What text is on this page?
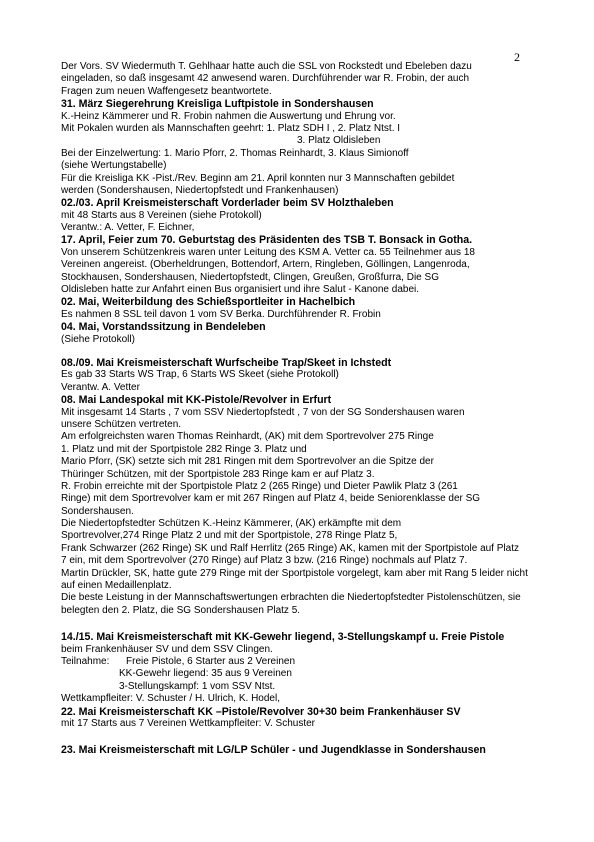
2
Der Vors. SV Wiedermuth T. Gehlhaar hatte auch die SSL von Rockstedt und Ebeleben dazu
eingeladen, so daß insgesamt 42 anwesend waren. Durchführender war R. Frobin, der auch
Fragen zum neuen Waffengesetz beantwortete.
31. März Siegerehrung Kreisliga Luftpistole in Sondershausen
K.-Heinz Kämmerer und R. Frobin nahmen die Auswertung und Ehrung vor.
Mit Pokalen wurden als Mannschaften geehrt: 1. Platz SDH I , 2. Platz Ntst. I
3. Platz Oldisleben
Bei der Einzelwertung: 1. Mario Pforr, 2. Thomas Reinhardt, 3. Klaus Simionoff
(siehe Wertungstabelle)
Für die Kreisliga KK -Pist./Rev. Beginn am 21. April konnten nur 3 Mannschaften gebildet
werden (Sondershausen, Niedertopfstedt und Frankenhausen)
02./03. April Kreismeisterschaft Vorderlader beim SV Holzthaleben
mit 48 Starts aus 8 Vereinen (siehe Protokoll)
Verantw.: A. Vetter, F. Eichner,
17. April, Feier zum 70. Geburtstag des Präsidenten des TSB T. Bonsack in Gotha.
Von unserem Schützenkreis waren unter Leitung des KSM A. Vetter ca. 55 Teilnehmer aus 18
Vereinen angereist. (Oberheldrungen, Bottendorf, Artern, Ringleben, Göllingen, Langenroda,
Stockhausen, Sondershausen, Niedertopfstedt, Clingen, Greußen, Großfurra, Die SG
Oldisleben hatte zur Anfahrt einen Bus organisiert und ihre Salut - Kanone dabei.
02. Mai, Weiterbildung des Schießsportleiter in Hachelbich
Es nahmen 8 SSL teil davon 1 vom SV Berka. Durchführender R. Frobin
04. Mai, Vorstandssitzung in Bendeleben
(Siehe Protokoll)
08./09. Mai Kreismeisterschaft Wurfscheibe Trap/Skeet in Ichstedt
Es gab 33 Starts WS Trap, 6 Starts WS Skeet (siehe Protokoll)
Verantw. A. Vetter
08. Mai Landespokal mit KK-Pistole/Revolver in Erfurt
Mit insgesamt 14 Starts , 7 vom SSV Niedertopfstedt , 7 von der SG Sondershausen waren
unsere Schützen vertreten.
Am erfolgreichsten waren Thomas Reinhardt, (AK) mit dem Sportrevolver 275 Ringe
1. Platz und mit der Sportpistole 282 Ringe 3. Platz und
Mario Pforr, (SK) setzte sich mit 281 Ringen mit dem Sportrevolver an die Spitze der
Thüringer Schützen, mit der Sportpistole 283 Ringe kam er auf Platz 3.
R. Frobin erreichte mit der Sportpistole Platz 2 (265 Ringe) und Dieter Pawlik Platz 3 (261
Ringe) mit dem Sportrevolver kam er mit 267 Ringen auf Platz 4, beide Seniorenklasse der SG
Sondershausen.
Die Niedertopfstedter Schützen K.-Heinz Kämmerer, (AK) erkämpfte mit dem
Sportrevolver,274 Ringe Platz 2 und mit der Sportpistole, 278 Ringe Platz 5,
Frank Schwarzer (262 Ringe) SK und Ralf Herrlitz (265 Ringe) AK, kamen mit der Sportpistole auf Platz
7 ein, mit dem Sportrevolver (270 Ringe) auf Platz 3 bzw. (216 Ringe) nochmals auf Platz 7.
Martin Drückler, SK, hatte gute 279 Ringe mit der Sportpistole vorgelegt, kam aber mit Rang 5 leider nicht
auf einen Medaillenplatz.
Die beste Leistung in der Mannschaftswertungen erbrachten die Niedertopfstedter Pistolenschützen, sie
belegten den 2. Platz, die SG Sondershausen Platz 5.
14./15. Mai Kreismeisterschaft mit KK-Gewehr liegend, 3-Stellungskampf u. Freie Pistole
beim Frankenhäuser SV und dem SSV Clingen.
Teilnahme:      Freie Pistole, 6 Starter aus 2 Vereinen
KK-Gewehr liegend: 35 aus 9 Vereinen
3-Stellungskampf: 1 vom SSV Ntst.
Wettkampfleiter: V. Schuster / H. Ulrich, K. Hodel,
22. Mai Kreismeisterschaft KK –Pistole/Revolver 30+30 beim Frankenhäuser SV
mit 17 Starts aus 7 Vereinen Wettkampfleiter: V. Schuster
23. Mai Kreismeisterschaft mit LG/LP Schüler - und Jugendklasse in Sondershausen
